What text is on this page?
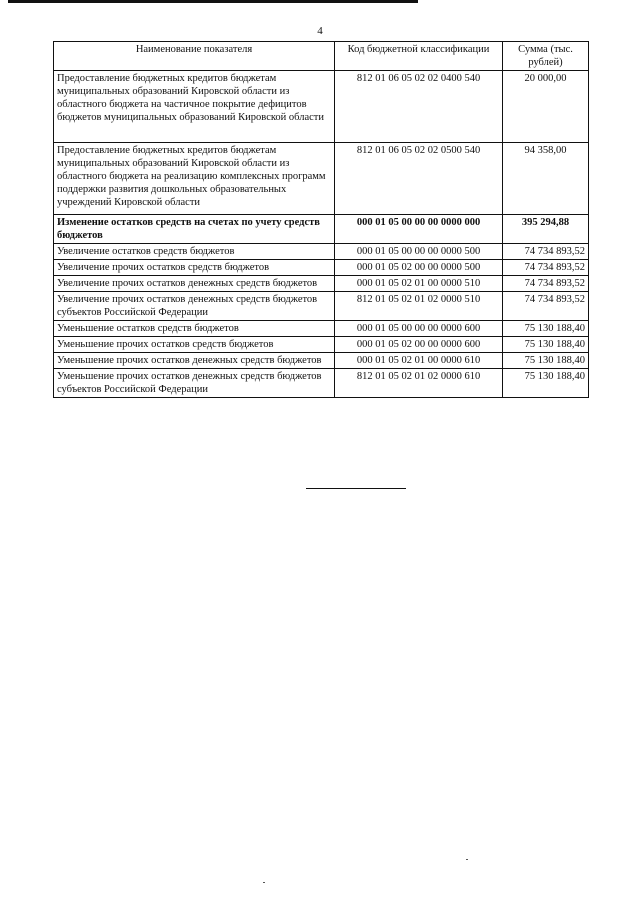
4
Наименование показателя	Код бюджетной классификации	Сумма (тыс. рублей)
Предоставление бюджетных кредитов бюджетам муниципальных образований Кировской области из областного бюджета на частичное покрытие дефицитов бюджетов муниципальных образований Кировской области	812 01 06 05 02 02 0400 540	20 000,00
Предоставление бюджетных кредитов бюджетам муниципальных образований Кировской области из областного бюджета на реализацию комплексных программ поддержки развития дошкольных образовательных учреждений Кировской области	812 01 06 05 02 02 0500 540	94 358,00
Изменение остатков средств на счетах по учету средств бюджетов	000 01 05 00 00 00 0000 000	395 294,88
Увеличение остатков средств бюджетов	000 01 05 00 00 00 0000 500	74 734 893,52
Увеличение прочих остатков средств бюджетов	000 01 05 02 00 00 0000 500	74 734 893,52
Увеличение прочих остатков денежных средств бюджетов	000 01 05 02 01 00 0000 510	74 734 893,52
Увеличение прочих остатков денежных средств бюджетов субъектов Российской Федерации	812 01 05 02 01 02 0000 510	74 734 893,52
Уменьшение остатков средств бюджетов	000 01 05 00 00 00 0000 600	75 130 188,40
Уменьшение прочих остатков средств бюджетов	000 01 05 02 00 00 0000 600	75 130 188,40
Уменьшение прочих остатков денежных средств бюджетов	000 01 05 02 01 00 0000 610	75 130 188,40
Уменьшение прочих остатков денежных средств бюджетов субъектов Российской Федерации	812 01 05 02 01 02 0000 610	75 130 188,40
